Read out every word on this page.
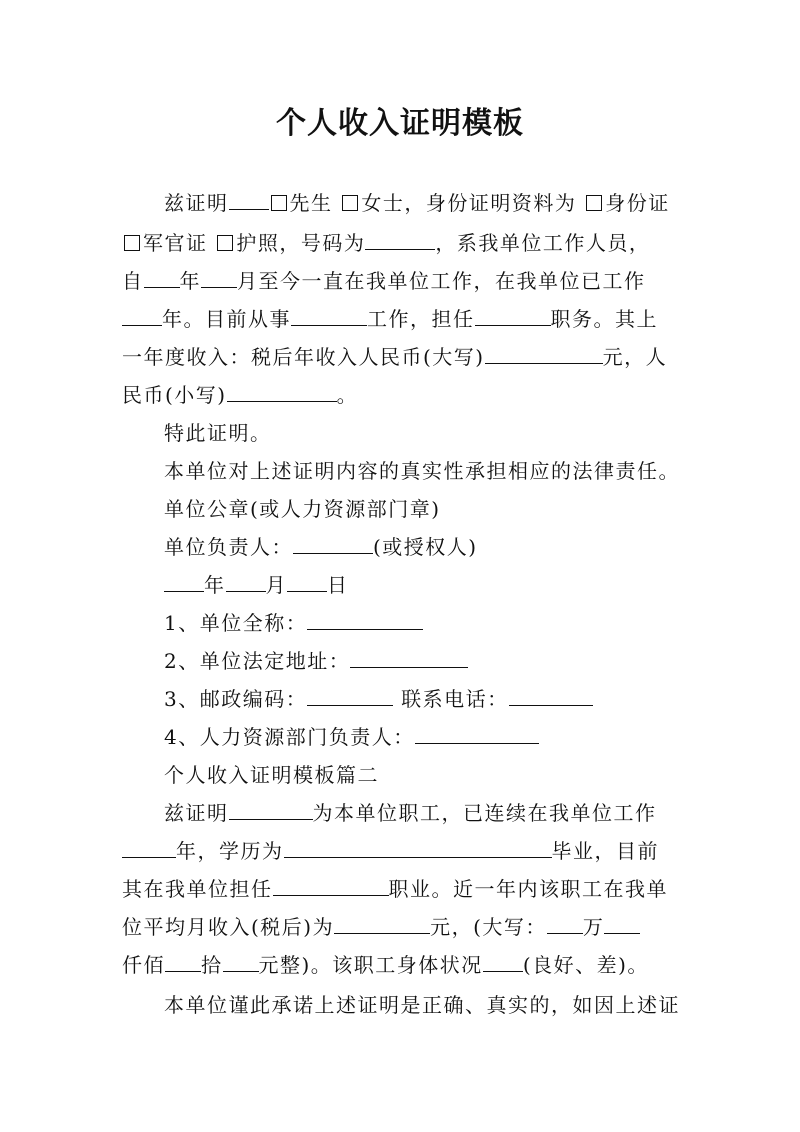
个人收入证明模板
兹证明	先生 女士，身份证明资料为 身份证
军官证 护照，号码为	，系我单位工作人员，
自 年 月至今一直在我单位工作，在我单位已工作
年。目前从事	工作，担任	职务。其上
一年度收入：税后年收入人民币(大写)	元，人
民币(小写)	。
特此证明。
本单位对上述证明内容的真实性承担相应的法律责任。
单位公章(或人力资源部门章)
单位负责人：	(或授权人)
年 月 日
1、单位全称：
2、单位法定地址：
3、邮政编码：	联系电话：
4、人力资源部门负责人：
个人收入证明模板篇二
兹证明	为本单位职工，已连续在我单位工作
年，学历为	毕业，目前
其在我单位担任	职业。近一年内该职工在我单
位平均月收入(税后)为	元，(大写： 万
仟佰 拾 元整)。该职工身体状况 (良好、差)。
本单位谨此承诺上述证明是正确、真实的，如因上述证
